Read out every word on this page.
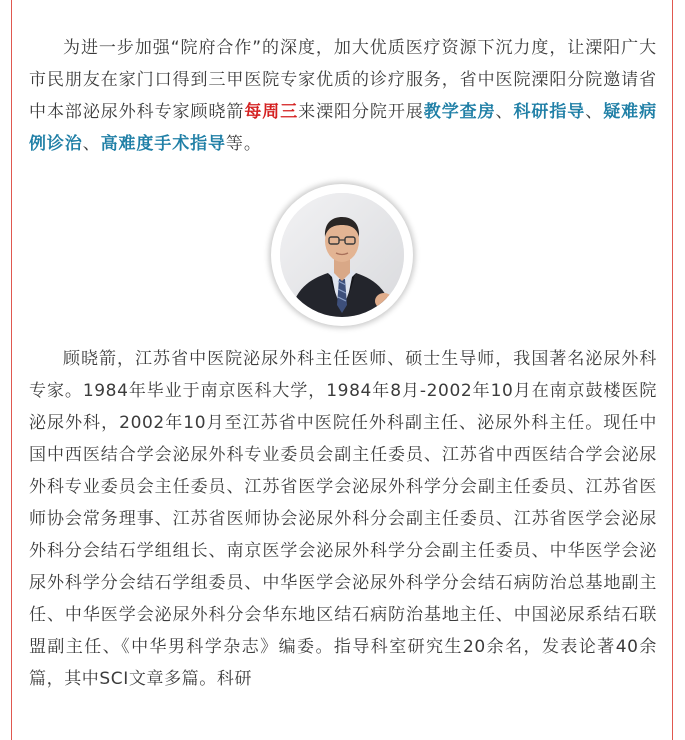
为进一步加强“院府合作”的深度，加大优质医疗资源下沉力度，让溧阳广大市民朋友在家门口得到三甲医院专家优质的诊疗服务，省中医院溧阳分院邀请省中本部泌尿外科专家顾晓箭每周三来溧阳分院开展教学查房、科研指导、疑难病例诊治、高难度手术指导等。

顾晓箭，江苏省中医院泌尿外科主任医师、硕士生导师，我国著名泌尿外科专家。1984年毕业于南京医科大学，1984年8月-2002年10月在南京鼓楼医院泌尿外科，2002年10月至江苏省中医院任外科副主任、泌尿外科主任。现任中国中西医结合学会泌尿外科专业委员会副主任委员、江苏省中西医结合学会泌尿外科专业委员会主任委员、江苏省医学会泌尿外科学分会副主任委员、江苏省医师协会常务理事、江苏省医师协会泌尿外科分会副主任委员、江苏省医学会泌尿外科分会结石学组组长、南京医学会泌尿外科学分会副主任委员、中华医学会泌尿外科学分会结石学组委员、中华医学会泌尿外科学分会结石病防治总基地副主任、中华医学会泌尿外科分会华东地区结石病防治基地主任、中国泌尿系结石联盟副主任、《中华男科学杂志》编委。指导科室研究生20余名，发表论著40余篇，其中SCI文章多篇。科研
